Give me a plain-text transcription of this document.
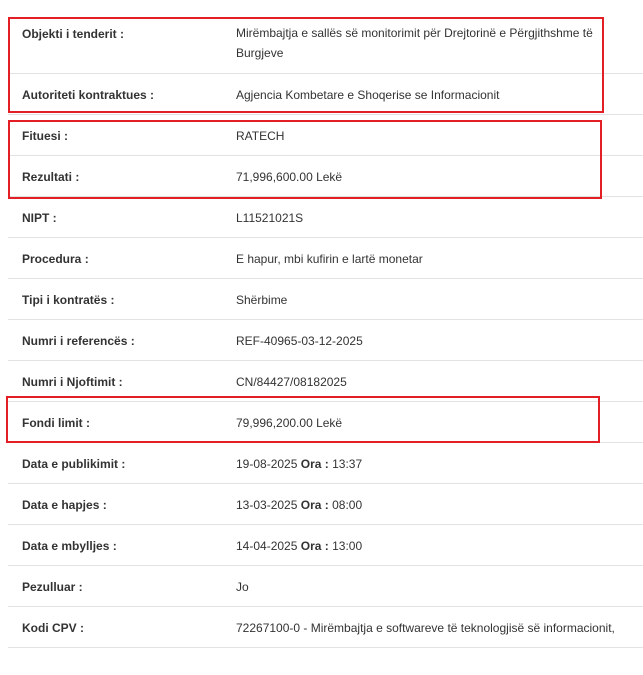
Objekti i tenderit :	Mirëmbajtja e sallës së monitorimit për Drejtorinë e Përgjithshme të Burgjeve
Autoriteti kontraktues :	Agjencia Kombetare e Shoqerise se Informacionit
Fituesi :	RATECH
Rezultati :	71,996,600.00 Lekë
NIPT :	L11521021S
Procedura :	E hapur, mbi kufirin e lartë monetar
Tipi i kontratës :	Shërbime
Numri i referencës :	REF-40965-03-12-2025
Numri i Njoftimit :	CN/84427/08182025
Fondi limit :	79,996,200.00 Lekë
Data e publikimit :	19-08-2025 Ora : 13:37
Data e hapjes :	13-03-2025 Ora : 08:00
Data e mbylljes :	14-04-2025 Ora : 13:00
Pezulluar :	Jo
Kodi CPV :	72267100-0 - Mirëmbajtja e softwareve të teknologjisë së informacionit,
